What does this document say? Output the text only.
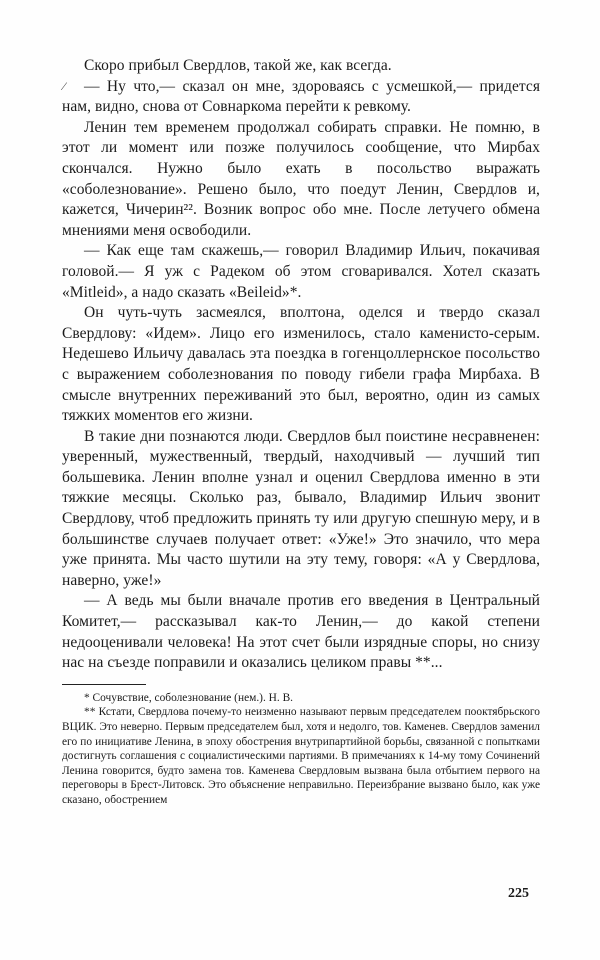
Скоро прибыл Свердлов, такой же, как всегда.

— Ну что,— сказал он мне, здороваясь с усмешкой,— придется нам, видно, снова от Совнаркома перейти к ревкому.

Ленин тем временем продолжал собирать справки. Не помню, в этот ли момент или позже получилось сообщение, что Мирбах скончался. Нужно было ехать в посольство выражать «соболезнование». Решено было, что поедут Ленин, Свердлов и, кажется, Чичерин²². Возник вопрос обо мне. После летучего обмена мнениями меня освободили.

— Как еще там скажешь,— говорил Владимир Ильич, покачивая головой.— Я уж с Радеком об этом сговаривался. Хотел сказать «Mitleid», а надо сказать «Beileid»*.

Он чуть-чуть засмеялся, вполтона, оделся и твердо сказал Свердлову: «Идем». Лицо его изменилось, стало каменисто-серым. Недешево Ильичу давалась эта поездка в гогенцоллернское посольство с выражением соболезнования по поводу гибели графа Мирбаха. В смысле внутренних переживаний это был, вероятно, один из самых тяжких моментов его жизни.

В такие дни познаются люди. Свердлов был поистине несравненен: уверенный, мужественный, твердый, находчивый — лучший тип большевика. Ленин вполне узнал и оценил Свердлова именно в эти тяжкие месяцы. Сколько раз, бывало, Владимир Ильич звонит Свердлову, чтоб предложить принять ту или другую спешную меру, и в большинстве случаев получает ответ: «Уже!» Это значило, что мера уже принята. Мы часто шутили на эту тему, говоря: «А у Свердлова, наверно, уже!»

— А ведь мы были вначале против его введения в Центральный Комитет,— рассказывал как-то Ленин,— до какой степени недооценивали человека! На этот счет были изрядные споры, но снизу нас на съезде поправили и оказались целиком правы **...

* Сочувствие, соболезнование (нем.). Н. В.

** Кстати, Свердлова почему-то неизменно называют первым председателем пооктябрьского ВЦИК. Это неверно. Первым председателем был, хотя и недолго, тов. Каменев. Свердлов заменил его по инициативе Ленина, в эпоху обострения внутрипартийной борьбы, связанной с попытками достигнуть соглашения с социалистическими партиями. В примечаниях к 14-му тому Сочинений Ленина говорится, будто замена тов. Каменева Свердловым вызвана была отбытием первого на переговоры в Брест-Литовск. Это объяснение неправильно. Переизбрание вызвано было, как уже сказано, обострением

⁄
225
